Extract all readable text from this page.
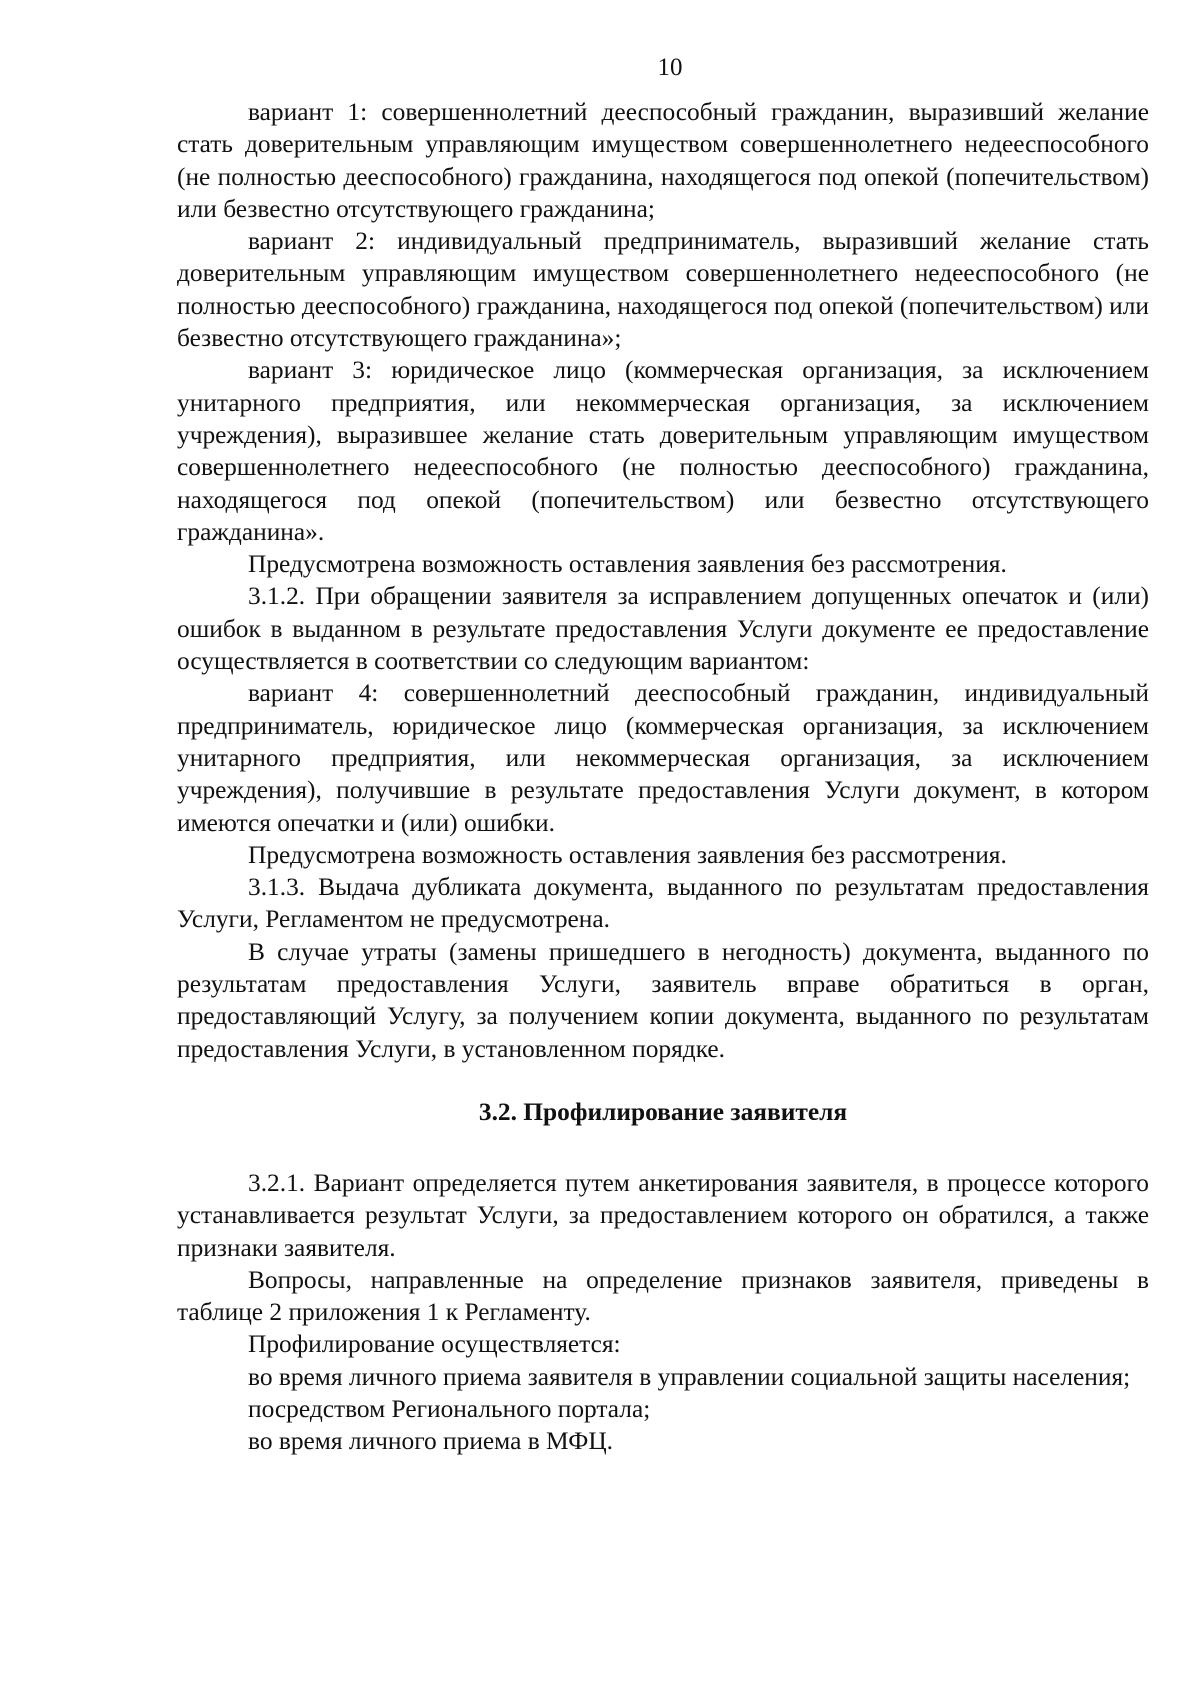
10

вариант 1: совершеннолетний дееспособный гражданин, выразивший желание стать доверительным управляющим имуществом совершеннолетнего недееспособного (не полностью дееспособного) гражданина, находящегося под опекой (попечительством) или безвестно отсутствующего гражданина;

вариант 2: индивидуальный предприниматель, выразивший желание стать доверительным управляющим имуществом совершеннолетнего недееспособного (не полностью дееспособного) гражданина, находящегося под опекой (попечительством) или безвестно отсутствующего гражданина»;

вариант 3: юридическое лицо (коммерческая организация, за исключением унитарного предприятия, или некоммерческая организация, за исключением учреждения), выразившее желание стать доверительным управляющим имуществом совершеннолетнего недееспособного (не полностью дееспособного) гражданина, находящегося под опекой (попечительством) или безвестно отсутствующего гражданина».

Предусмотрена возможность оставления заявления без рассмотрения.

3.1.2. При обращении заявителя за исправлением допущенных опечаток и (или) ошибок в выданном в результате предоставления Услуги документе ее предоставление осуществляется в соответствии со следующим вариантом:

вариант 4: совершеннолетний дееспособный гражданин, индивидуальный предприниматель, юридическое лицо (коммерческая организация, за исключением унитарного предприятия, или некоммерческая организация, за исключением учреждения), получившие в результате предоставления Услуги документ, в котором имеются опечатки и (или) ошибки.

Предусмотрена возможность оставления заявления без рассмотрения.

3.1.3. Выдача дубликата документа, выданного по результатам предоставления Услуги, Регламентом не предусмотрена.

В случае утраты (замены пришедшего в негодность) документа, выданного по результатам предоставления Услуги, заявитель вправе обратиться в орган, предоставляющий Услугу, за получением копии документа, выданного по результатам предоставления Услуги, в установленном порядке.

3.2. Профилирование заявителя

3.2.1. Вариант определяется путем анкетирования заявителя, в процессе которого устанавливается результат Услуги, за предоставлением которого он обратился, а также признаки заявителя.

Вопросы, направленные на определение признаков заявителя, приведены в таблице 2 приложения 1 к Регламенту.

Профилирование осуществляется:

во время личного приема заявителя в управлении социальной защиты населения;

посредством Регионального портала;

во время личного приема в МФЦ.
